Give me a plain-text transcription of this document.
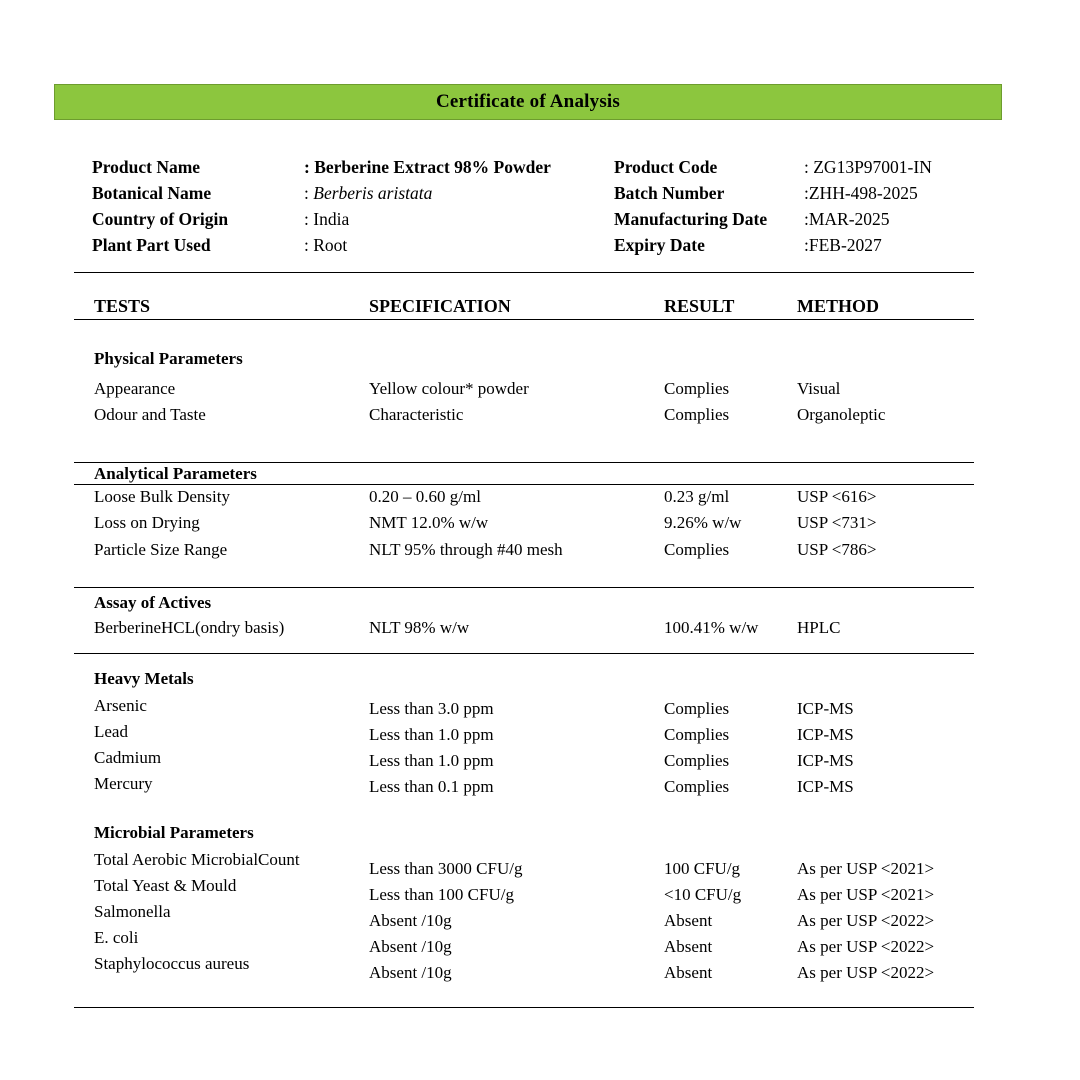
Certificate of Analysis
Product Name	: Berberine Extract 98% Powder	Product Code	: ZG13P97001-IN
Botanical Name	: Berberis aristata	Batch Number	:ZHH-498-2025
Country of Origin	: India	Manufacturing Date	:MAR-2025
Plant Part Used	: Root	Expiry Date	:FEB-2027
TESTS	SPECIFICATION	RESULT	METHOD
Physical Parameters
Appearance	Yellow colour* powder	Complies	Visual
Odour and Taste	Characteristic	Complies	Organoleptic
Analytical Parameters
Loose Bulk Density	0.20 – 0.60 g/ml	0.23 g/ml	USP <616>
Loss on Drying	NMT 12.0% w/w	9.26% w/w	USP <731>
Particle Size Range	NLT 95% through #40 mesh	Complies	USP <786>
Assay of Actives
BerberineHCL(ondry basis)	NLT 98% w/w	100.41% w/w	HPLC
Heavy Metals
Arsenic	Less than 3.0 ppm	Complies	ICP-MS
Lead	Less than 1.0 ppm	Complies	ICP-MS
Cadmium	Less than 1.0 ppm	Complies	ICP-MS
Mercury	Less than 0.1 ppm	Complies	ICP-MS
Microbial Parameters
Total Aerobic MicrobialCount	Less than 3000 CFU/g	100 CFU/g	As per USP <2021>
Total Yeast & Mould	Less than 100 CFU/g	<10 CFU/g	As per USP <2021>
Salmonella	Absent /10g	Absent	As per USP <2022>
E. coli	Absent /10g	Absent	As per USP <2022>
Staphylococcus aureus	Absent /10g	Absent	As per USP <2022>
